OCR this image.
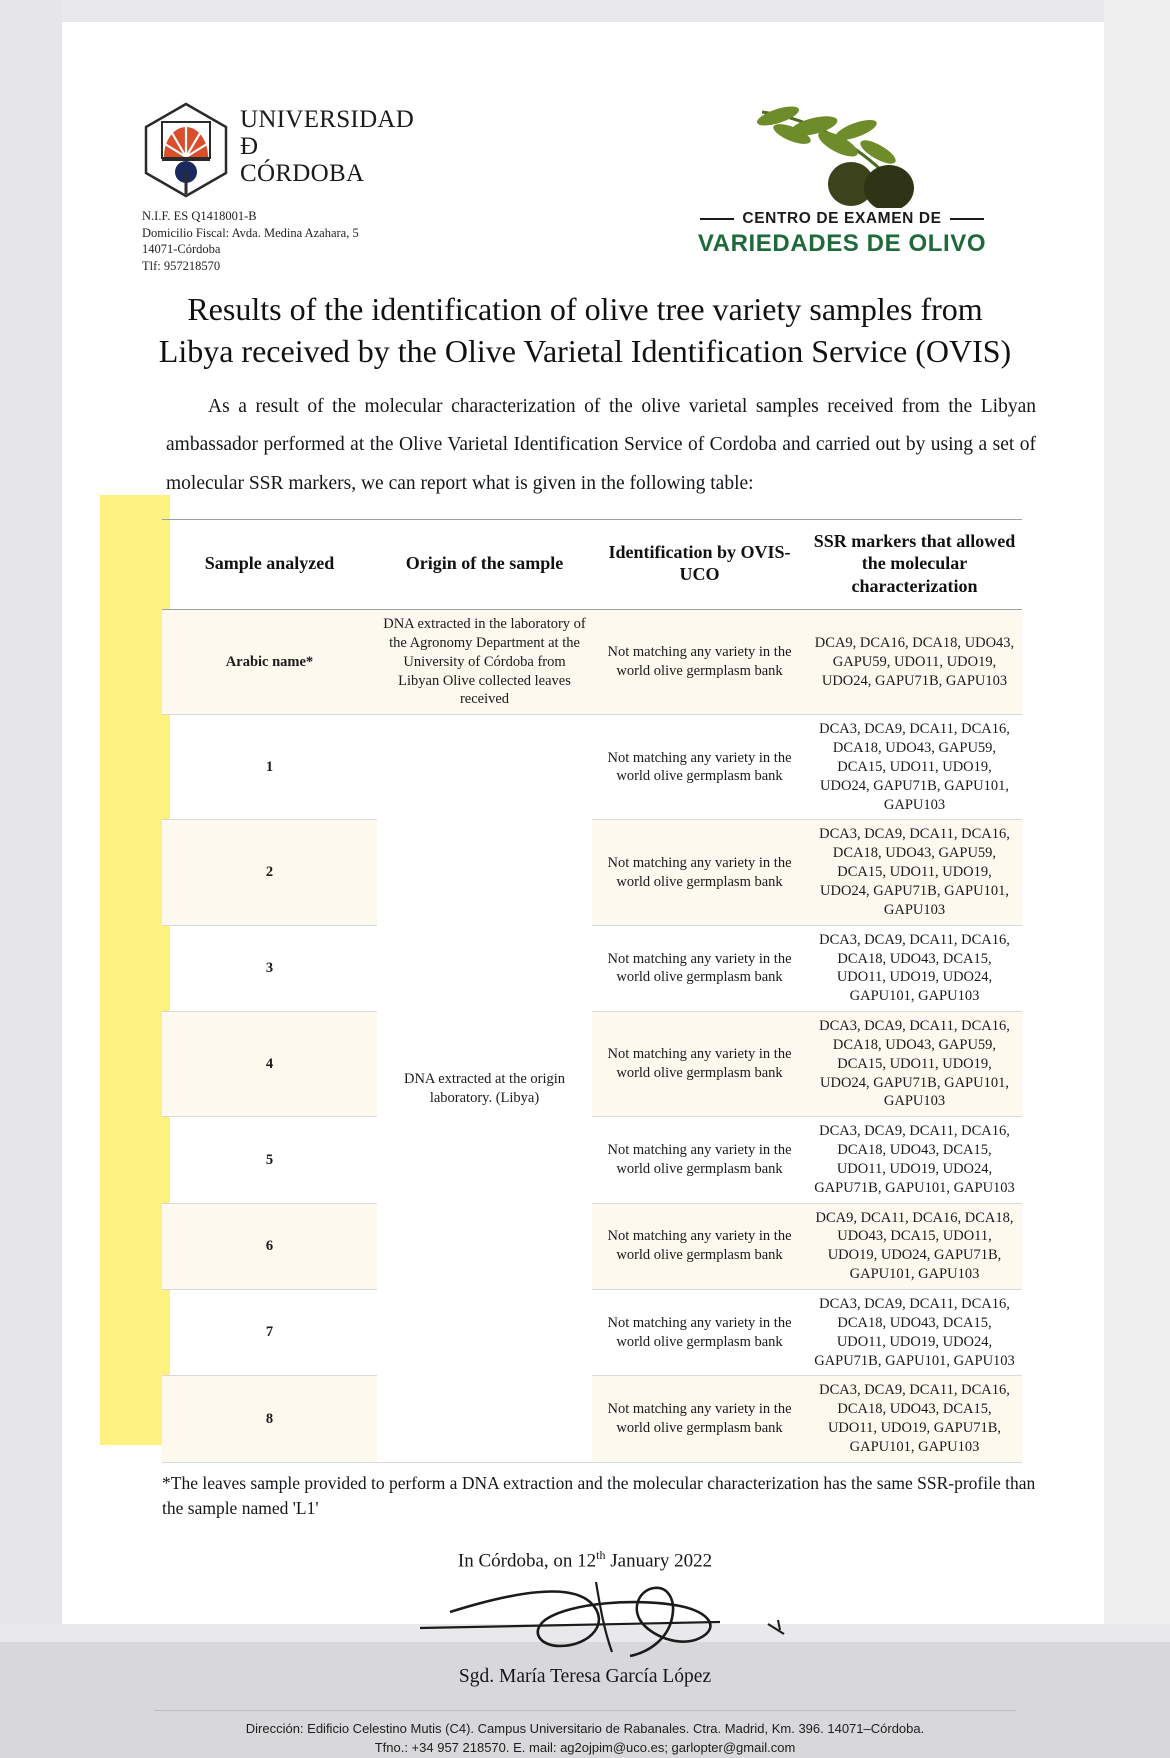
UNIVERSIDAD
Ð
CÓRDOBA
N.I.F. ES Q1418001-B
Domicilio Fiscal: Avda. Medina Azahara, 5
14071-Córdoba
Tlf: 957218570
CENTRO DE EXAMEN DE
VARIEDADES DE OLIVO
Results of the identification of olive tree variety samples from Libya received by the Olive Varietal Identification Service (OVIS)

As a result of the molecular characterization of the olive varietal samples received from the Libyan ambassador performed at the Olive Varietal Identification Service of Cordoba and carried out by using a set of molecular SSR markers, we can report what is given in the following table:

Sample analyzed	Origin of the sample	Identification by OVIS-UCO	SSR markers that allowed the molecular characterization
Arabic name*	DNA extracted in the laboratory of the Agronomy Department at the University of Córdoba from Libyan Olive collected leaves received	Not matching any variety in the world olive germplasm bank	DCA9, DCA16, DCA18, UDO43, GAPU59, UDO11, UDO19, UDO24, GAPU71B, GAPU103
1	DNA extracted at the origin laboratory. (Libya)	Not matching any variety in the world olive germplasm bank	DCA3, DCA9, DCA11, DCA16, DCA18, UDO43, GAPU59, DCA15, UDO11, UDO19, UDO24, GAPU71B, GAPU101, GAPU103
2		Not matching any variety in the world olive germplasm bank	DCA3, DCA9, DCA11, DCA16, DCA18, UDO43, GAPU59, DCA15, UDO11, UDO19, UDO24, GAPU71B, GAPU101, GAPU103
3		Not matching any variety in the world olive germplasm bank	DCA3, DCA9, DCA11, DCA16, DCA18, UDO43, DCA15, UDO11, UDO19, UDO24, GAPU101, GAPU103
4		Not matching any variety in the world olive germplasm bank	DCA3, DCA9, DCA11, DCA16, DCA18, UDO43, GAPU59, DCA15, UDO11, UDO19, UDO24, GAPU71B, GAPU101, GAPU103
5		Not matching any variety in the world olive germplasm bank	DCA3, DCA9, DCA11, DCA16, DCA18, UDO43, DCA15, UDO11, UDO19, UDO24, GAPU71B, GAPU101, GAPU103
6		Not matching any variety in the world olive germplasm bank	DCA9, DCA11, DCA16, DCA18, UDO43, DCA15, UDO11, UDO19, UDO24, GAPU71B, GAPU101, GAPU103
7		Not matching any variety in the world olive germplasm bank	DCA3, DCA9, DCA11, DCA16, DCA18, UDO43, DCA15, UDO11, UDO19, UDO24, GAPU71B, GAPU101, GAPU103
8		Not matching any variety in the world olive germplasm bank	DCA3, DCA9, DCA11, DCA16, DCA18, UDO43, DCA15, UDO11, UDO19, GAPU71B, GAPU101, GAPU103
*The leaves sample provided to perform a DNA extraction and the molecular characterization has the same SSR-profile than the sample named 'L1'
In Córdoba, on 12th January 2022
Sgd. María Teresa García López
Dirección: Edificio Celestino Mutis (C4). Campus Universitario de Rabanales. Ctra. Madrid, Km. 396. 14071–Córdoba.
Tfno.: +34 957 218570. E. mail: ag2ojpim@uco.es; garlopter@gmail.com
